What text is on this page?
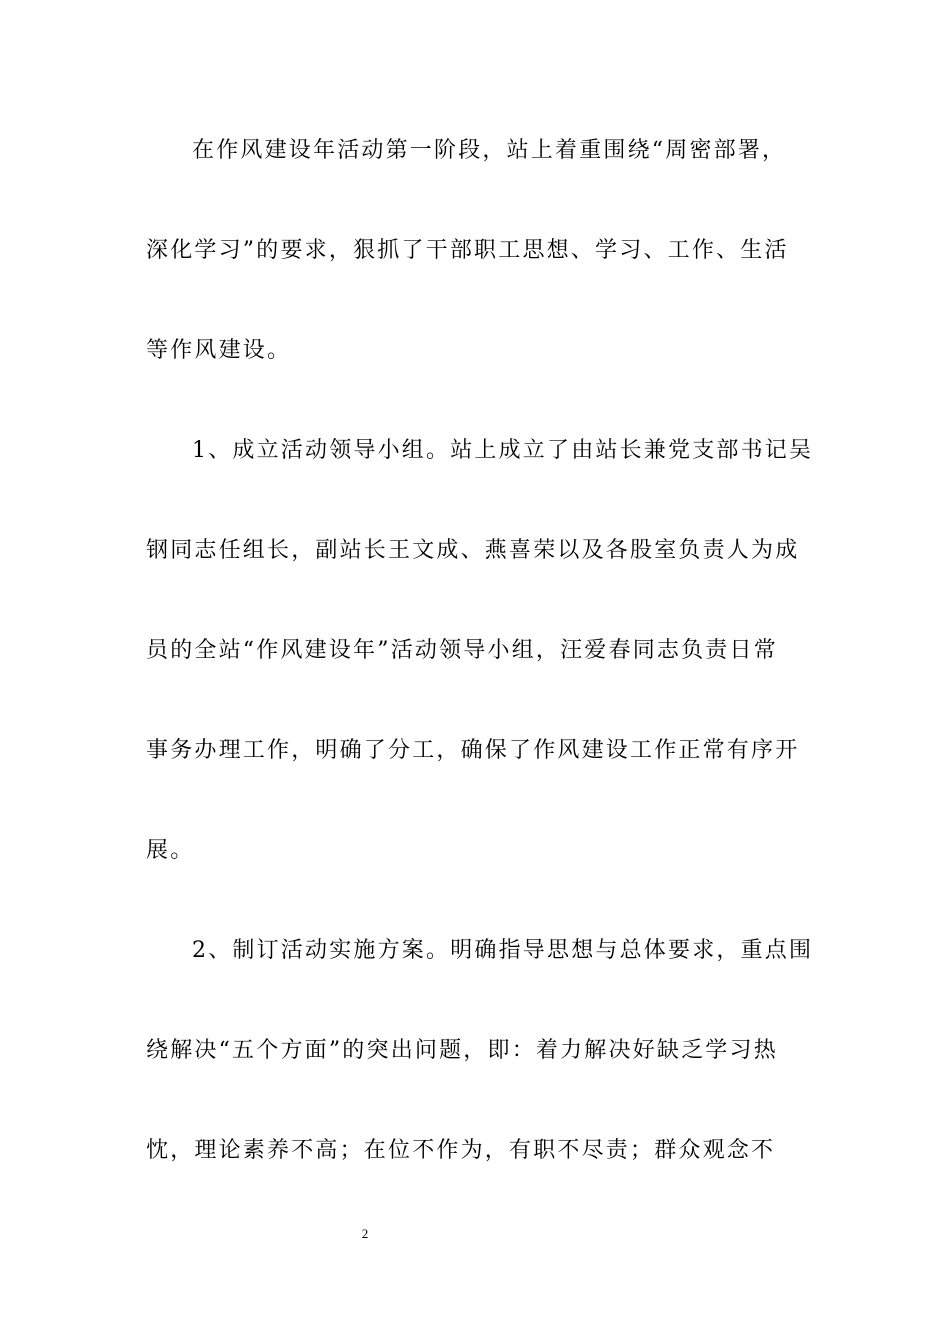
在作风建设年活动第一阶段，站上着重围绕“周密部署，
深化学习”的要求，狠抓了干部职工思想、学习、工作、生活
等作风建设。
1、成立活动领导小组。站上成立了由站长兼党支部书记吴
钢同志任组长，副站长王文成、燕喜荣以及各股室负责人为成
员的全站“作风建设年”活动领导小组，汪爱春同志负责日常
事务办理工作，明确了分工，确保了作风建设工作正常有序开
展。
2、制订活动实施方案。明确指导思想与总体要求，重点围
绕解决“五个方面”的突出问题，即：着力解决好缺乏学习热
忱，理论素养不高；在位不作为，有职不尽责；群众观念不
2
